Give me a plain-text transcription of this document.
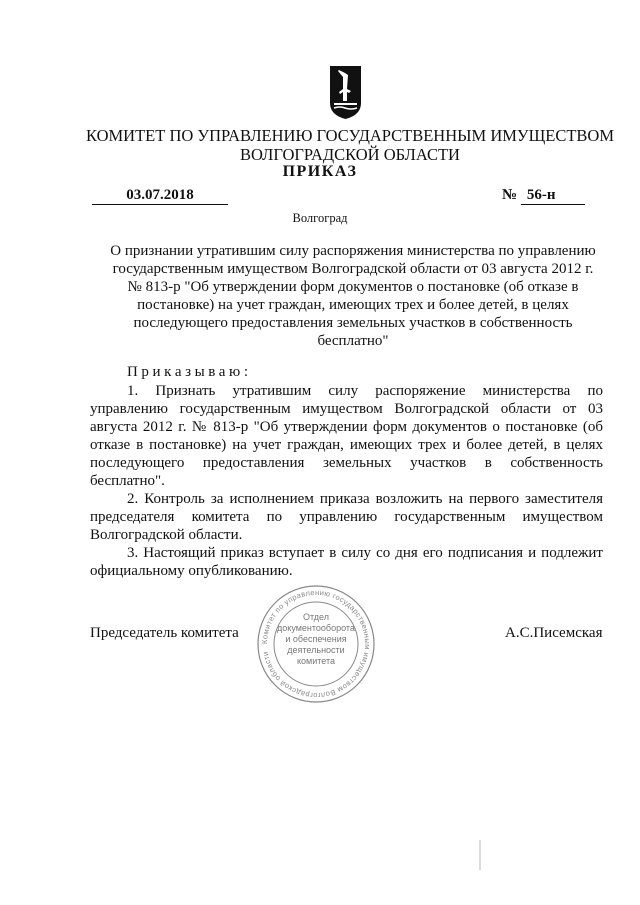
КОМИТЕТ ПО УПРАВЛЕНИЮ ГОСУДАРСТВЕННЫМ ИМУЩЕСТВОМ
ВОЛГОГРАДСКОЙ ОБЛАСТИ
ПРИКАЗ
03.07.2018	№ 56-н
Волгоград
О признании утратившим силу распоряжения министерства по управлению
государственным имуществом Волгоградской области от 03 августа 2012 г.
№ 813-р "Об утверждении форм документов о постановке (об отказе в
постановке) на учет граждан, имеющих трех и более детей, в целях
последующего предоставления земельных участков в собственность
бесплатно"

Приказываю:

1. Признать утратившим силу распоряжение министерства по управлению государственным имуществом Волгоградской области от 03 августа 2012 г. № 813-р "Об утверждении форм документов о постановке (об отказе в постановке) на учет граждан, имеющих трех и более детей, в целях последующего предоставления земельных участков в собственность бесплатно".

2. Контроль за исполнением приказа возложить на первого заместителя председателя комитета по управлению государственным имуществом Волгоградской области.

3. Настоящий приказ вступает в силу со дня его подписания и подлежит официальному опубликованию.

Председатель комитета	А.С.Писемская
Комитет по управлению государственным имуществом Волгоградской области
Отдел
документооборота
и обеспечения
деятельности
комитета
